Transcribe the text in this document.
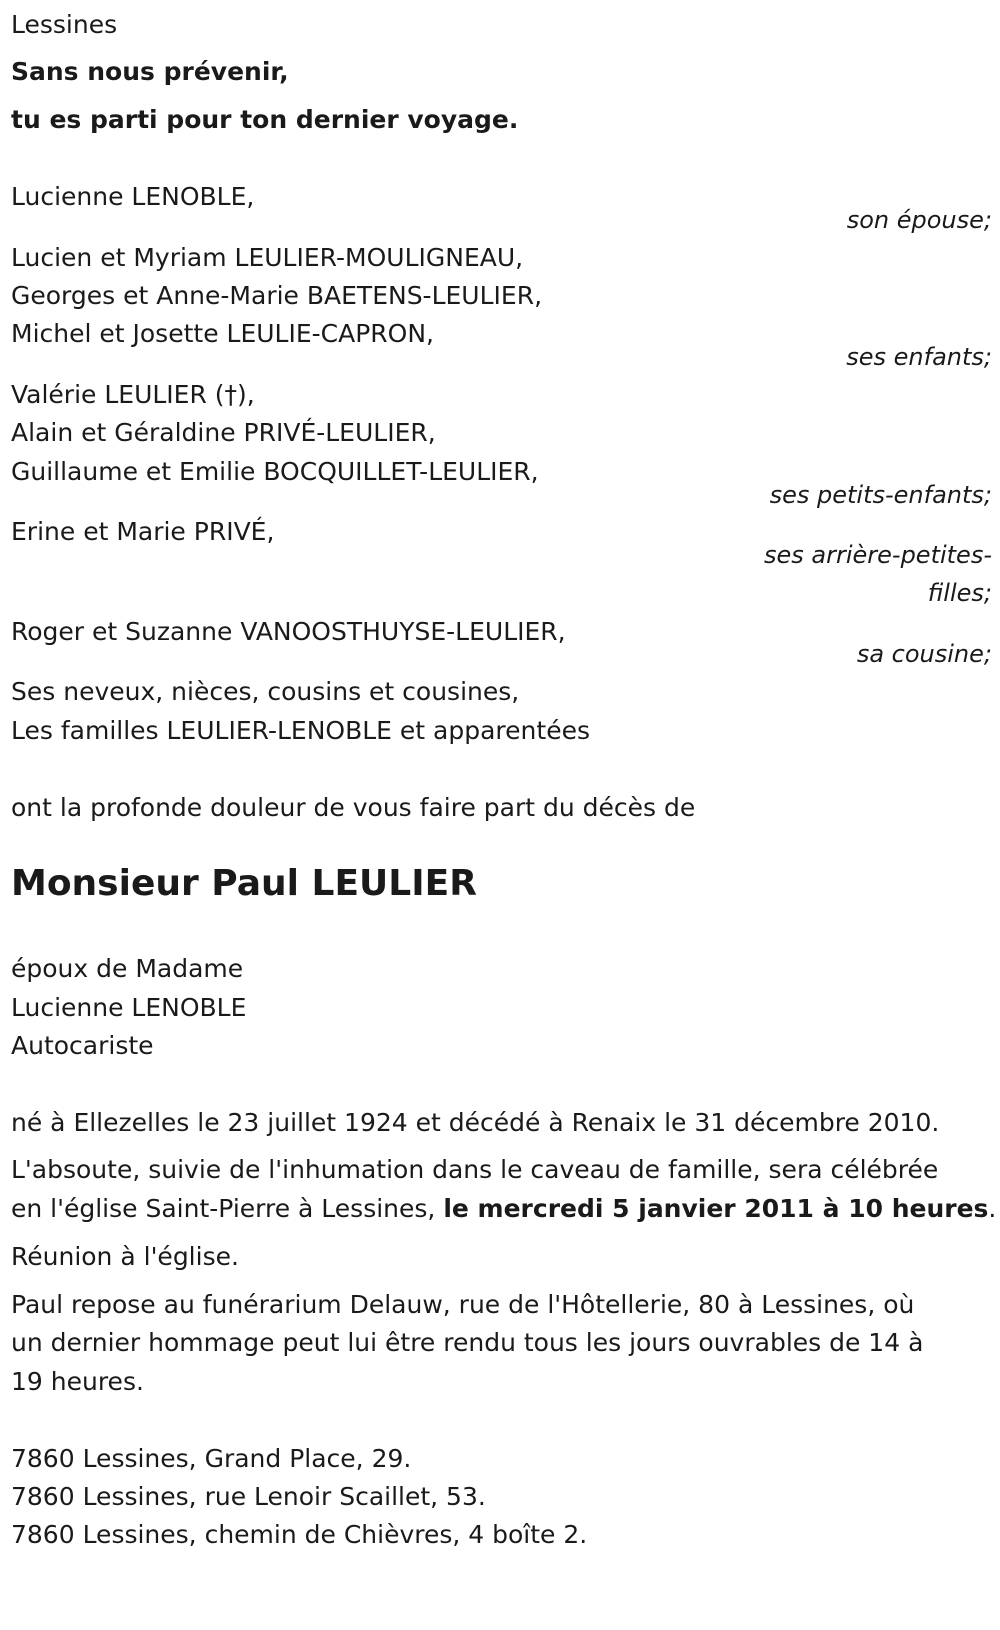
Lessines
Sans nous prévenir,
tu es parti pour ton dernier voyage.
Lucienne LENOBLE,
son épouse;
Lucien et Myriam LEULIER-MOULIGNEAU,
Georges et Anne-Marie BAETENS-LEULIER,
Michel et Josette LEULIE-CAPRON,
ses enfants;
Valérie LEULIER (†),
Alain et Géraldine PRIVÉ-LEULIER,
Guillaume et Emilie BOCQUILLET-LEULIER,
ses petits-enfants;
Erine et Marie PRIVÉ,
ses arrière-petites-
filles;
Roger et Suzanne VANOOSTHUYSE-LEULIER,
sa cousine;
Ses neveux, nièces, cousins et cousines,
Les familles LEULIER-LENOBLE et apparentées
ont la profonde douleur de vous faire part du décès de
Monsieur Paul LEULIER
époux de Madame
Lucienne LENOBLE
Autocariste
né à Ellezelles le 23 juillet 1924 et décédé à Renaix le 31 décembre 2010.
L'absoute, suivie de l'inhumation dans le caveau de famille, sera célébrée
en l'église Saint-Pierre à Lessines, le mercredi 5 janvier 2011 à 10 heures.
Réunion à l'église.
Paul repose au funérarium Delauw, rue de l'Hôtellerie, 80 à Lessines, où
un dernier hommage peut lui être rendu tous les jours ouvrables de 14 à
19 heures.
7860 Lessines, Grand Place, 29.
7860 Lessines, rue Lenoir Scaillet, 53.
7860 Lessines, chemin de Chièvres, 4 boîte 2.
